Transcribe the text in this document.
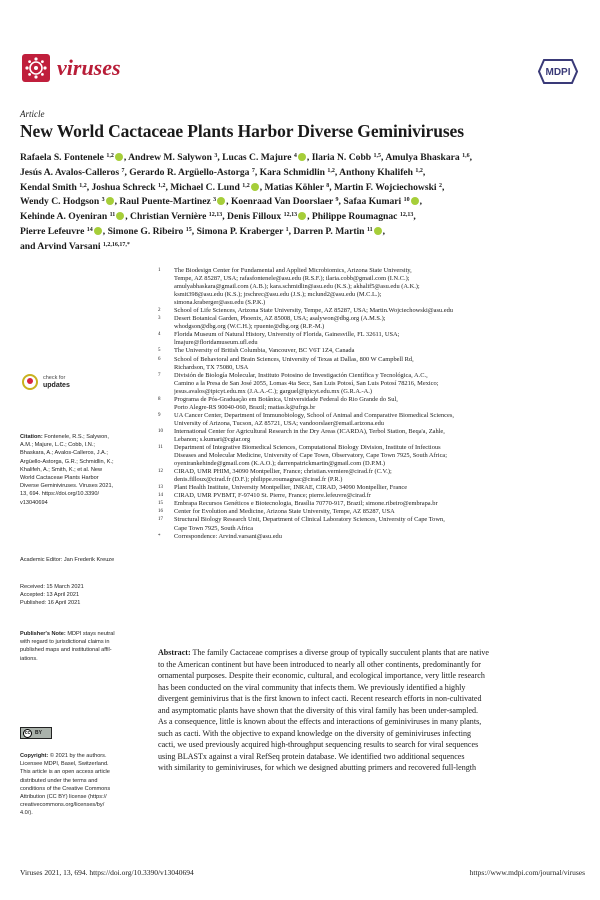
viruses	MDPI
Article
New World Cactaceae Plants Harbor Diverse Geminiviruses

Rafaela S. Fontenele $^{1,2}$ , Andrew M. Salywon $^3$, Lucas C. Majure $^4$ , Ilaria N. Cobb $^{1,5}$, Amulya Bhaskara $^{1,6}$,

Jesús A. Avalos-Calleros $^7$, Gerardo R. Argüello-Astorga $^7$, Kara Schmidlin $^{1,2}$, Anthony Khalifeh $^{1,2}$,

Kendal Smith $^{1,2}$, Joshua Schreck $^{1,2}$, Michael C. Lund $^{1,2}$ , Matias Köhler $^8$, Martin F. Wojciechowski $^2$,

Wendy C. Hodgson $^3$ , Raul Puente-Martinez $^3$ , Koenraad Van Doorslaer $^9$, Safaa Kumari $^{10}$ ,

Kehinde A. Oyeniran $^{11}$ , Christian Vernière $^{12,13}$, Denis Filloux $^{12,13}$ , Philippe Roumagnac $^{12,13}$,

Pierre Lefeuvre $^{14}$ , Simone G. Ribeiro $^{15}$, Simona P. Kraberger $^1$, Darren P. Martin $^{11}$ ,

and Arvind Varsani $^{1,2,16,17,*}$

1	The Biodesign Center for Fundamental and Applied Microbiomics, Arizona State University,
Tempe, AZ 85287, USA; rafasfontenele@asu.edu (R.S.F.); ilaria.cobb@gmail.com (I.N.C.);
amulyabhaskara@gmail.com (A.B.); kara.schmidlin@asu.edu (K.S.); akhalif5@asu.edu (A.K.);
ksmit398@asu.edu (K.S.); jrschrec@asu.edu (J.S.); mclund2@asu.edu (M.C.L.);
simona.kraberger@asu.edu (S.P.K.)
2	School of Life Sciences, Arizona State University, Tempe, AZ 85287, USA; Martin.Wojciechowski@asu.edu
3	Desert Botanical Garden, Phoenix, AZ 85008, USA; asalywon@dbg.org (A.M.S.);
whodgson@dbg.org (W.C.H.); rpuente@dbg.org (R.P.-M.)
4	Florida Museum of Natural History, University of Florida, Gainesville, FL 32611, USA;
lmajure@floridamuseum.ufl.edu
5	The University of British Columbia, Vancouver, BC V6T 1Z4, Canada
6	School of Behavioral and Brain Sciences, University of Texas at Dallas, 800 W Campbell Rd,
Richardson, TX 75080, USA
7	División de Biología Molecular, Instituto Potosino de Investigación Científica y Tecnológica, A.C.,
Camino a la Presa de San José 2055, Lomas 4ta Secc, San Luis Potosí, San Luis Potosí 78216, Mexico;
jesus.avalos@ipicyt.edu.mx (J.A.A.-C.); garguel@ipicyt.edu.mx (G.R.A.-A.)
8	Programa de Pós-Graduação em Botânica, Universidade Federal do Rio Grande do Sul,
Porto Alegre-RS 90040-060, Brazil; matias.k@ufrgs.br
9	UA Cancer Center, Department of Immunobiology, School of Animal and Comparative Biomedical Sciences,
University of Arizona, Tucson, AZ 85721, USA; vandoorslaer@email.arizona.edu
10	International Center for Agricultural Research in the Dry Areas (ICARDA), Terbol Station, Beqa'a, Zahle,
Lebanon; s.kumari@cgiar.org
11	Department of Integrative Biomedical Sciences, Computational Biology Division, Institute of Infectious
Diseases and Molecular Medicine, University of Cape Town, Observatory, Cape Town 7925, South Africa;
oyenirankehinde@gmail.com (K.A.O.); darrenpatrickmartin@gmail.com (D.P.M.)
12	CIRAD, UMR PHIM, 34090 Montpellier, France; christian.verniere@cirad.fr (C.V.);
denis.filloux@cirad.fr (D.F.); philippe.roumagnac@cirad.fr (P.R.)
13	Plant Health Institute, University Montpellier, INRAE, CIRAD, 34090 Montpellier, France
14	CIRAD, UMR PVBMT, F-97410 St. Pierre, France; pierre.lefeuvre@cirad.fr
15	Embrapa Recursos Genéticos e Biotecnologia, Brasília 70770-917, Brazil; simone.ribeiro@embrapa.br
16	Center for Evolution and Medicine, Arizona State University, Tempe, AZ 85287, USA
17	Structural Biology Research Unit, Department of Clinical Laboratory Sciences, University of Cape Town,
Cape Town 7925, South Africa
*	Correspondence: Arvind.varsani@asu.edu
check for
updates
Citation: Fontenele, R.S.; Salywon,
A.M.; Majure, L.C.; Cobb, I.N.;
Bhaskara, A.; Avalos-Calleros, J.A.;
Argüello-Astorga, G.R.; Schmidlin, K.;
Khalifeh, A.; Smith, K.; et al. New
World Cactaceae Plants Harbor
Diverse Geminiviruses. Viruses 2021,
13, 694. https://doi.org/10.3390/
v13040694
Academic Editor: Jan Frederik Kreuze
Received: 15 March 2021
Accepted: 13 April 2021
Published: 16 April 2021
Publisher's Note: MDPI stays neutral
with regard to jurisdictional claims in
published maps and institutional affil-
iations.
cc BY
Copyright: © 2021 by the authors.
Licensee MDPI, Basel, Switzerland.
This article is an open access article
distributed under the terms and
conditions of the Creative Commons
Attribution (CC BY) license (https://
creativecommons.org/licenses/by/
4.0/).
Abstract: The family Cactaceae comprises a diverse group of typically succulent plants that are native
to the American continent but have been introduced to nearly all other continents, predominantly for
ornamental purposes. Despite their economic, cultural, and ecological importance, very little research
has been conducted on the viral community that infects them. We previously identified a highly
divergent geminivirus that is the first known to infect cacti. Recent research efforts in non-cultivated
and asymptomatic plants have shown that the diversity of this viral family has been under-sampled.
As a consequence, little is known about the effects and interactions of geminiviruses in many plants,
such as cacti. With the objective to expand knowledge on the diversity of geminiviruses infecting
cacti, we used previously acquired high-throughput sequencing results to search for viral sequences
using BLASTx against a viral RefSeq protein database. We identified two additional sequences
with similarity to geminiviruses, for which we designed abutting primers and recovered full-length
Viruses 2021, 13, 694. https://doi.org/10.3390/v13040694	https://www.mdpi.com/journal/viruses
